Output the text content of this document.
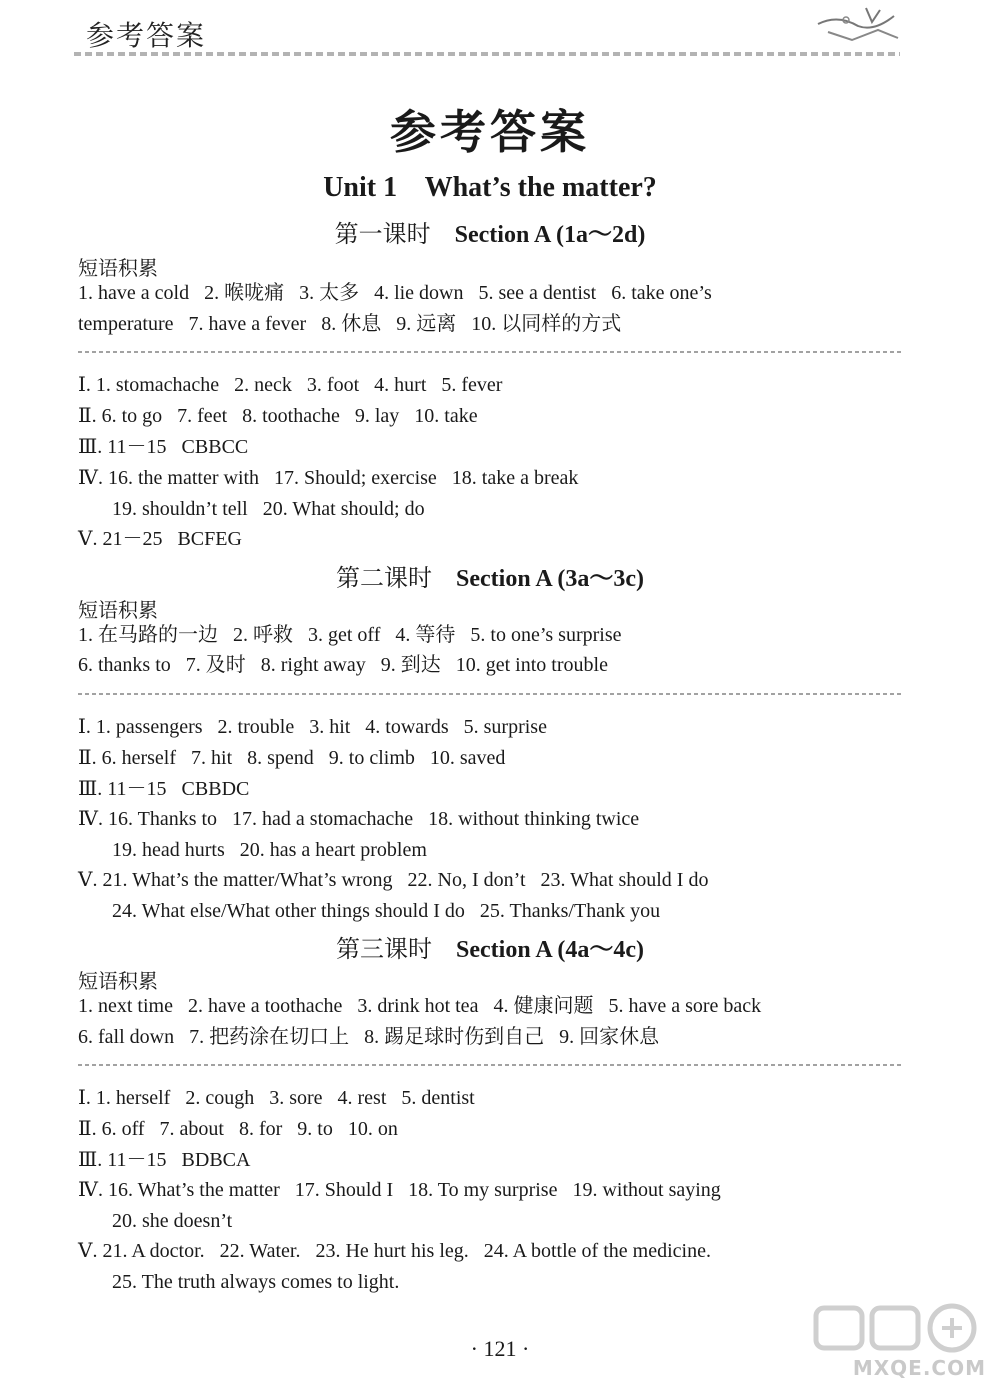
参考答案
参考答案
Unit 1    What’s the matter?
第一课时    Section A (1a～2d)
短语积累
1. have a cold   2. 喉咙痛   3. 太多   4. lie down   5. see a dentist   6. take one’s
temperature   7. have a fever   8. 休息   9. 远离   10. 以同样的方式
Ⅰ. 1. stomachache   2. neck   3. foot   4. hurt   5. fever
Ⅱ. 6. to go   7. feet   8. toothache   9. lay   10. take
Ⅲ. 11－15   CBBCC
Ⅳ. 16. the matter with   17. Should; exercise   18. take a break
19. shouldn’t tell   20. What should; do
Ⅴ. 21－25   BCFEG
第二课时    Section A (3a～3c)
短语积累
1. 在马路的一边   2. 呼救   3. get off   4. 等待   5. to one’s surprise
6. thanks to   7. 及时   8. right away   9. 到达   10. get into trouble
Ⅰ. 1. passengers   2. trouble   3. hit   4. towards   5. surprise
Ⅱ. 6. herself   7. hit   8. spend   9. to climb   10. saved
Ⅲ. 11－15   CBBDC
Ⅳ. 16. Thanks to   17. had a stomachache   18. without thinking twice
19. head hurts   20. has a heart problem
Ⅴ. 21. What’s the matter/What’s wrong   22. No, I don’t   23. What should I do
24. What else/What other things should I do   25. Thanks/Thank you
第三课时    Section A (4a～4c)
短语积累
1. next time   2. have a toothache   3. drink hot tea   4. 健康问题   5. have a sore back
6. fall down   7. 把药涂在切口上   8. 踢足球时伤到自己   9. 回家休息
Ⅰ. 1. herself   2. cough   3. sore   4. rest   5. dentist
Ⅱ. 6. off   7. about   8. for   9. to   10. on
Ⅲ. 11－15   BDBCA
Ⅳ. 16. What’s the matter   17. Should I   18. To my surprise   19. without saying
20. she doesn’t
Ⅴ. 21. A doctor.   22. Water.   23. He hurt his leg.   24. A bottle of the medicine.
25. The truth always comes to light.
· 121 ·
MXQE.COM
